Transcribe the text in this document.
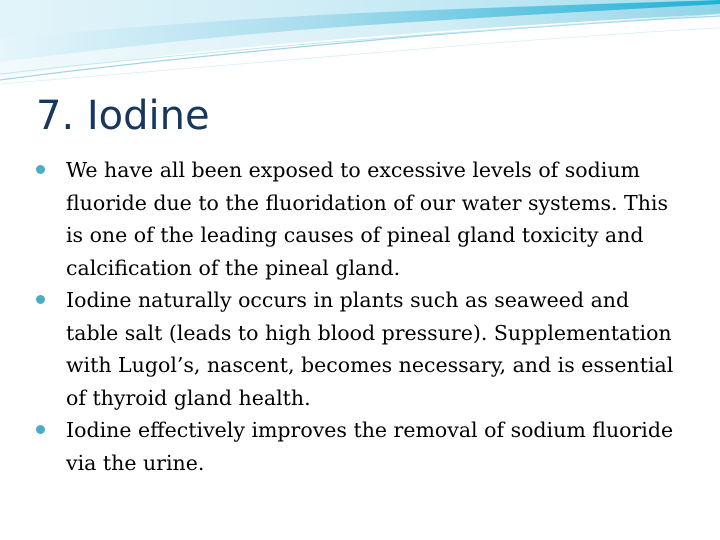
7. Iodine
We have all been exposed to excessive levels of sodium fluoride due to the fluoridation of our water systems. This is one of the leading causes of pineal gland toxicity and calcification of the pineal gland.
Iodine naturally occurs in plants such as seaweed and table salt (leads to high blood pressure). Supplementation with Lugol’s, nascent, becomes necessary, and is essential of thyroid gland health.
Iodine effectively improves the removal of sodium fluoride via the urine.
